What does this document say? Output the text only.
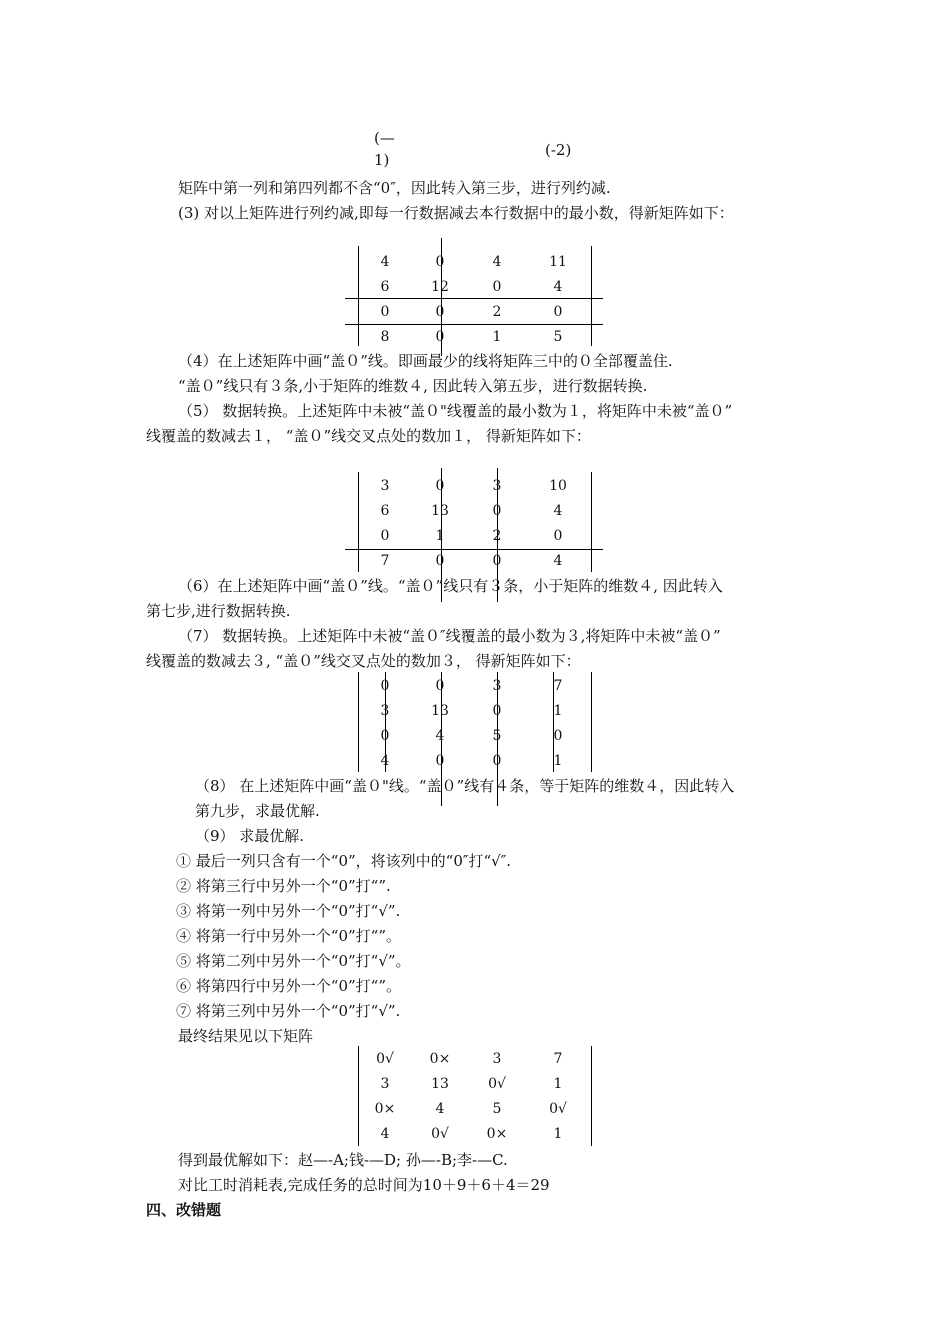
(—
1)
(-2)
矩阵中第一列和第四列都不含“0″，因此转入第三步，进行列约减.
(3) 对以上矩阵进行列约减,即每一行数据减去本行数据中的最小数，得新矩阵如下：
4	0	4	11
6	12	0	4
0	0	2	0
8	0	1	5
（4）在上述矩阵中画“盖０”线。即画最少的线将矩阵三中的０全部覆盖住.
“盖０”线只有３条,小于矩阵的维数４, 因此转入第五步，进行数据转换.
（5） 数据转换。上述矩阵中未被“盖０"线覆盖的最小数为１，将矩阵中未被“盖０”
线覆盖的数减去１， “盖０”线交叉点处的数加１， 得新矩阵如下：
3	0	3	10
6	13	0	4
0	1	2	0
7	0	0	4
（6）在上述矩阵中画“盖０”线。“盖０”线只有３条，小于矩阵的维数４, 因此转入
第七步,进行数据转换.
（7） 数据转换。上述矩阵中未被“盖０″线覆盖的最小数为３,将矩阵中未被“盖０”
线覆盖的数减去３, “盖０”线交叉点处的数加３， 得新矩阵如下：
0	0	3	7
3	13	0	1
0	4	5	0
4	0	0	1
（8） 在上述矩阵中画“盖０"线。“盖０”线有４条，等于矩阵的维数４，因此转入
第九步，求最优解.
（9） 求最优解.
① 最后一列只含有一个“0”，将该列中的“0″打“√″.
② 将第三行中另外一个“0”打“”.
③ 将第一列中另外一个“0”打“√”.
④ 将第一行中另外一个“0”打“”。
⑤ 将第二列中另外一个“0”打“√”。
⑥ 将第四行中另外一个“0”打“”。
⑦ 将第三列中另外一个“0”打“√”.
最终结果见以下矩阵
0√	0×	3	7
3	13	0√	1
0×	4	5	0√
4	0√	0×	1
得到最优解如下：赵—-A;钱-—D; 孙—-B;李-—C.
对比工时消耗表,完成任务的总时间为10＋9＋6＋4＝29
四、改错题
